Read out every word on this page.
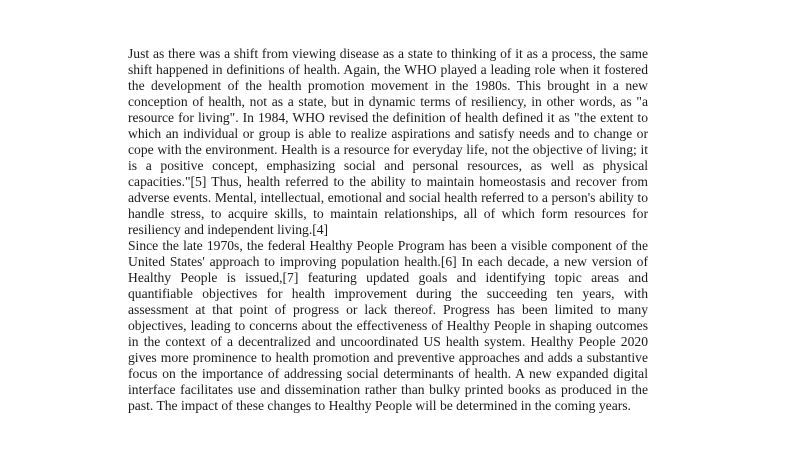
Just as there was a shift from viewing disease as a state to thinking of it as a process, the same shift happened in definitions of health. Again, the WHO played a leading role when it fostered the development of the health promotion movement in the 1980s. This brought in a new conception of health, not as a state, but in dynamic terms of resiliency, in other words, as "a resource for living". In 1984, WHO revised the definition of health defined it as "the extent to which an individual or group is able to realize aspirations and satisfy needs and to change or cope with the environment. Health is a resource for everyday life, not the objective of living; it is a positive concept, emphasizing social and personal resources, as well as physical capacities."[5] Thus, health referred to the ability to maintain homeostasis and recover from adverse events. Mental, intellectual, emotional and social health referred to a person's ability to handle stress, to acquire skills, to maintain relationships, all of which form resources for resiliency and independent living.[4]

Since the late 1970s, the federal Healthy People Program has been a visible component of the United States' approach to improving population health.[6] In each decade, a new version of Healthy People is issued,[7] featuring updated goals and identifying topic areas and quantifiable objectives for health improvement during the succeeding ten years, with assessment at that point of progress or lack thereof. Progress has been limited to many objectives, leading to concerns about the effectiveness of Healthy People in shaping outcomes in the context of a decentralized and uncoordinated US health system. Healthy People 2020 gives more prominence to health promotion and preventive approaches and adds a substantive focus on the importance of addressing social determinants of health. A new expanded digital interface facilitates use and dissemination rather than bulky printed books as produced in the past. The impact of these changes to Healthy People will be determined in the coming years.
